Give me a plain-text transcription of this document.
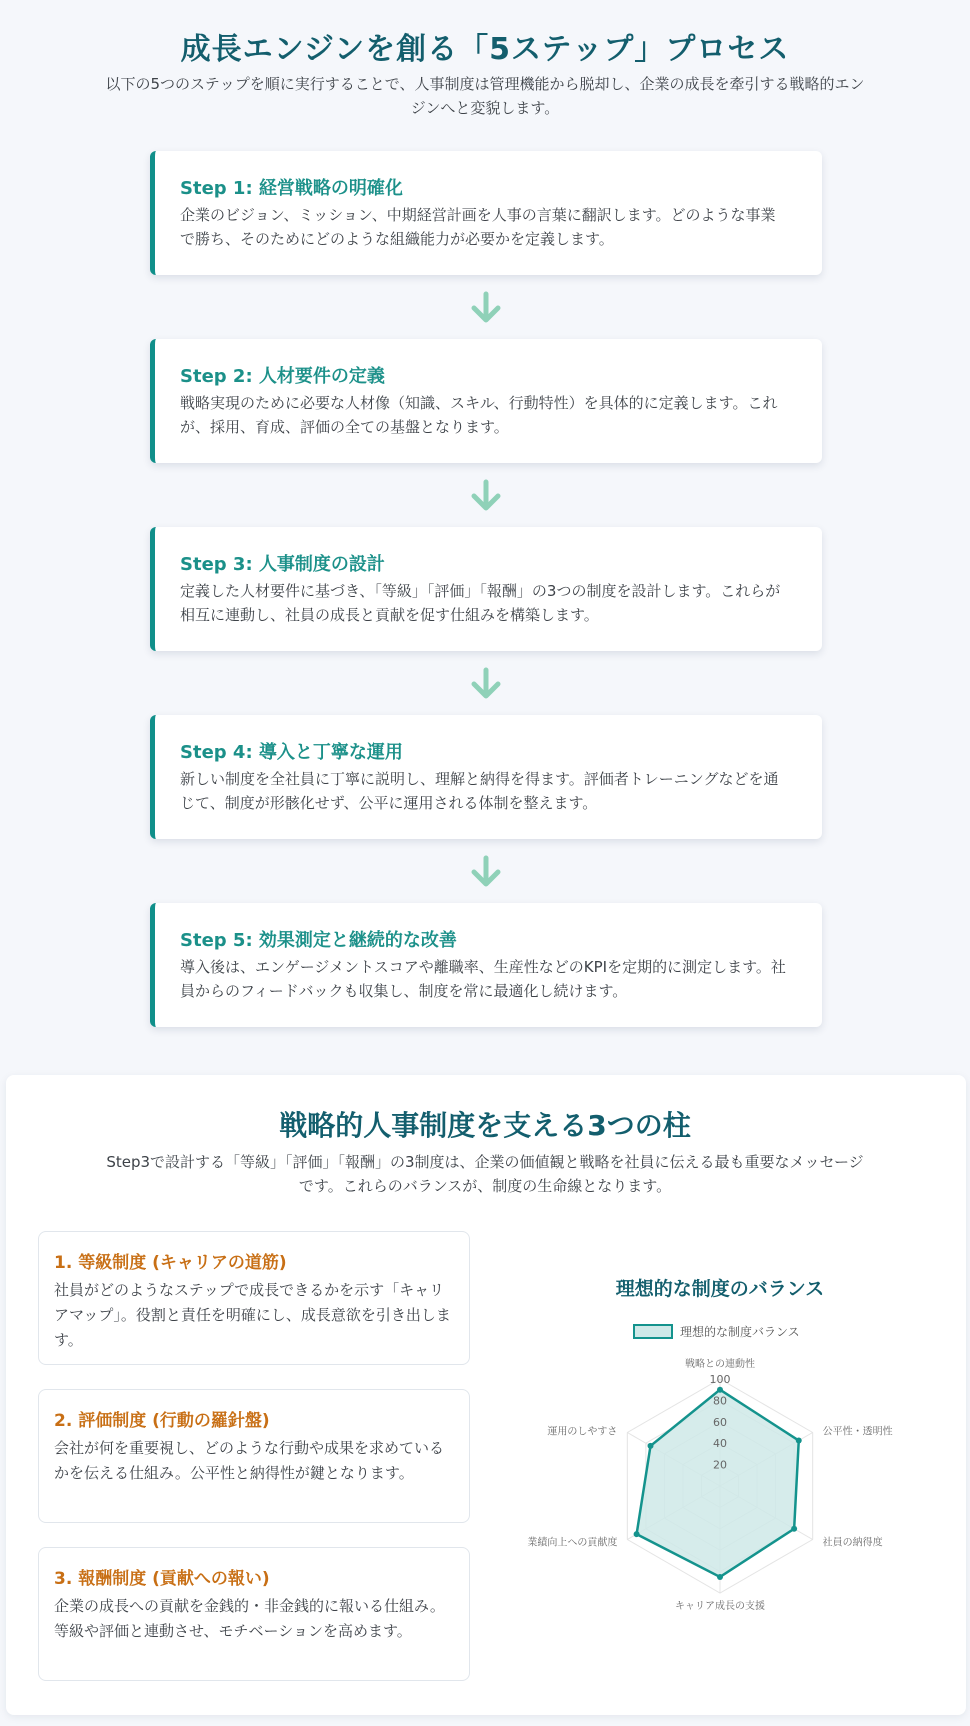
成長エンジンを創る「5ステップ」プロセス
以下の5つのステップを順に実行することで、人事制度は管理機能から脱却し、企業の成長を牽引する戦略的エンジンへと変貌します。
Step 1: 経営戦略の明確化
企業のビジョン、ミッション、中期経営計画を人事の言葉に翻訳します。どのような事業で勝ち、そのためにどのような組織能力が必要かを定義します。
Step 2: 人材要件の定義
戦略実現のために必要な人材像（知識、スキル、行動特性）を具体的に定義します。これが、採用、育成、評価の全ての基盤となります。
Step 3: 人事制度の設計
定義した人材要件に基づき、「等級」「評価」「報酬」の3つの制度を設計します。これらが相互に連動し、社員の成長と貢献を促す仕組みを構築します。
Step 4: 導入と丁寧な運用
新しい制度を全社員に丁寧に説明し、理解と納得を得ます。評価者トレーニングなどを通じて、制度が形骸化せず、公平に運用される体制を整えます。
Step 5: 効果測定と継続的な改善
導入後は、エンゲージメントスコアや離職率、生産性などのKPIを定期的に測定します。社員からのフィードバックも収集し、制度を常に最適化し続けます。
戦略的人事制度を支える3つの柱
Step3で設計する「等級」「評価」「報酬」の3制度は、企業の価値観と戦略を社員に伝える最も重要なメッセージです。これらのバランスが、制度の生命線となります。
1. 等級制度 (キャリアの道筋)
社員がどのようなステップで成長できるかを示す「キャリアマップ」。役割と責任を明確にし、成長意欲を引き出します。
2. 評価制度 (行動の羅針盤)
会社が何を重要視し、どのような行動や成果を求めているかを伝える仕組み。公平性と納得性が鍵となります。
3. 報酬制度 (貢献への報い)
企業の成長への貢献を金銭的・非金銭的に報いる仕組み。等級や評価と連動させ、モチベーションを高めます。
理想的な制度のバランス
20
40
60
80
100
戦略との連動性
公平性・透明性
社員の納得度
キャリア成長の支援
業績向上への貢献度
運用のしやすさ
理想的な制度バランス
